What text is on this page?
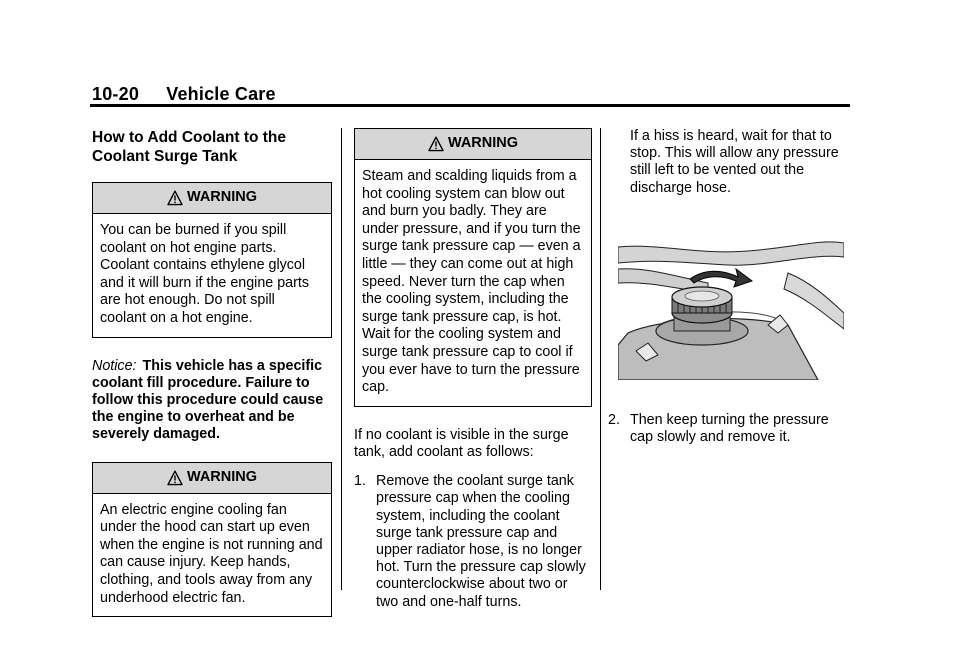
10-20 Vehicle Care
How to Add Coolant to the Coolant Surge Tank
WARNING
You can be burned if you spill coolant on hot engine parts. Coolant contains ethylene glycol and it will burn if the engine parts are hot enough. Do not spill coolant on a hot engine.
Notice: This vehicle has a specific coolant fill procedure. Failure to follow this procedure could cause the engine to overheat and be severely damaged.
WARNING
An electric engine cooling fan under the hood can start up even when the engine is not running and can cause injury. Keep hands, clothing, and tools away from any underhood electric fan.
WARNING
Steam and scalding liquids from a hot cooling system can blow out and burn you badly. They are under pressure, and if you turn the surge tank pressure cap — even a little — they can come out at high speed. Never turn the cap when the cooling system, including the surge tank pressure cap, is hot. Wait for the cooling system and surge tank pressure cap to cool if you ever have to turn the pressure cap.

If no coolant is visible in the surge tank, add coolant as follows:

1. Remove the coolant surge tank pressure cap when the cooling system, including the coolant surge tank pressure cap and upper radiator hose, is no longer hot. Turn the pressure cap slowly counterclockwise about two or two and one-half turns.

If a hiss is heard, wait for that to stop. This will allow any pressure still left to be vented out the discharge hose.

2. Then keep turning the pressure cap slowly and remove it.
